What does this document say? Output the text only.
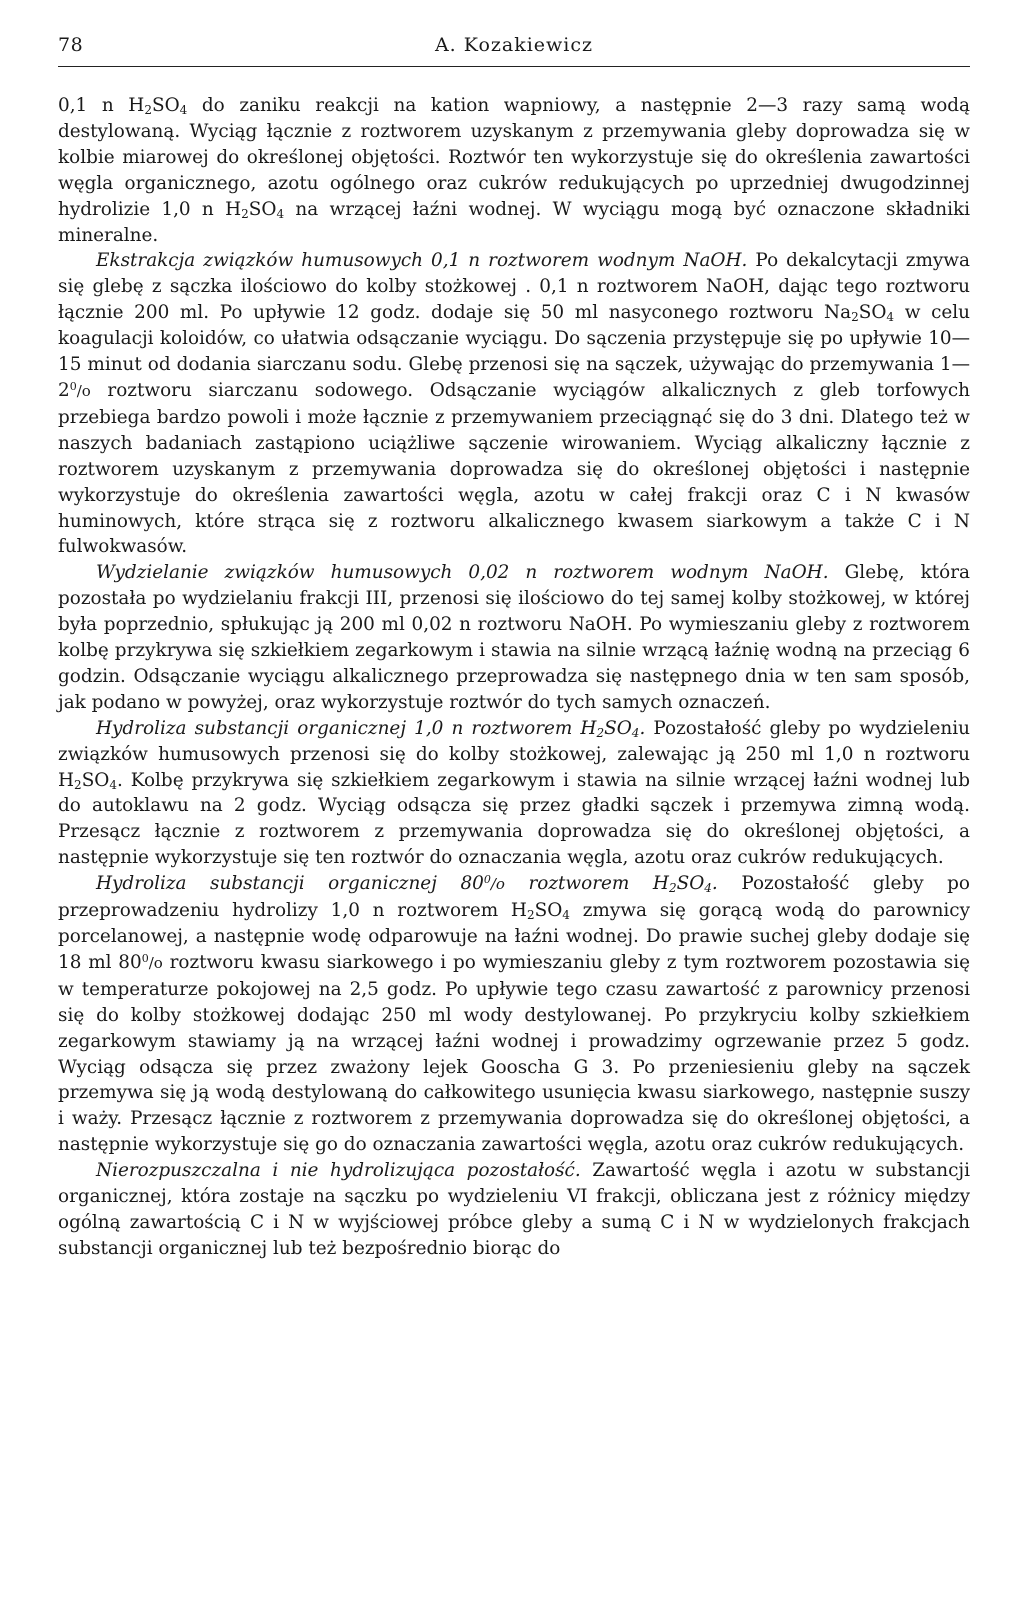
78	A. Kozakiewicz

0,1 n $H_2SO_4$ do zaniku reakcji na kation wapniowy, a następnie 2—3 razy samą wodą destylowaną. Wyciąg łącznie z roztworem uzyskanym z przemywania gleby doprowadza się w kolbie miarowej do określonej objętości. Roztwór ten wykorzystuje się do określenia zawartości węgla organicznego, azotu ogólnego oraz cukrów redukujących po uprzedniej dwugodzinnej hydrolizie 1,0 n $H_2SO_4$ na wrzącej łaźni wodnej. W wyciągu mogą być oznaczone składniki mineralne.

Ekstrakcja związków humusowych 0,1 n roztworem wodnym NaOH. Po dekalcytacji zmywa się glebę z sączka ilościowo do kolby stożkowej . 0,1 n roztworem NaOH, dając tego roztworu łącznie 200 ml. Po upływie 12 godz. dodaje się 50 ml nasyconego roztworu $Na_2SO_4$ w celu koagulacji koloidów, co ułatwia odsączanie wyciągu. Do sączenia przystępuje się po upływie 10—15 minut od dodania siarczanu sodu. Glebę przenosi się na sączek, używając do przemywania $1—2^0/o$ roztworu siarczanu sodowego. Odsączanie wyciągów alkalicznych z gleb torfowych przebiega bardzo powoli i może łącznie z przemywaniem przeciągnąć się do 3 dni. Dlatego też w naszych badaniach zastąpiono uciążliwe sączenie wirowaniem. Wyciąg alkaliczny łącznie z roztworem uzyskanym z przemywania doprowadza się do określonej objętości i następnie wykorzystuje do określenia zawartości węgla, azotu w całej frakcji oraz C i N kwasów huminowych, które strąca się z roztworu alkalicznego kwasem siarkowym a także C i N fulwokwasów.

Wydzielanie związków humusowych 0,02 n roztworem wodnym NaOH. Glebę, która pozostała po wydzielaniu frakcji III, przenosi się ilościowo do tej samej kolby stożkowej, w której była poprzednio, spłukując ją 200 ml 0,02 n roztworu NaOH. Po wymieszaniu gleby z roztworem kolbę przykrywa się szkiełkiem zegarkowym i stawia na silnie wrzącą łaźnię wodną na przeciąg 6 godzin. Odsączanie wyciągu alkalicznego przeprowadza się następnego dnia w ten sam sposób, jak podano w powyżej, oraz wykorzystuje roztwór do tych samych oznaczeń.

Hydroliza substancji organicznej 1,0 n roztworem $H_2SO_4$. Pozostałość gleby po wydzieleniu związków humusowych przenosi się do kolby stożkowej, zalewając ją 250 ml 1,0 n roztworu $H_2SO_4$. Kolbę przykrywa się szkiełkiem zegarkowym i stawia na silnie wrzącej łaźni wodnej lub do autoklawu na 2 godz. Wyciąg odsącza się przez gładki sączek i przemywa zimną wodą. Przesącz łącznie z roztworem z przemywania doprowadza się do określonej objętości, a następnie wykorzystuje się ten roztwór do oznaczania węgla, azotu oraz cukrów redukujących.

Hydroliza substancji organicznej $80^0/o$ roztworem $H_2SO_4$. Pozostałość gleby po przeprowadzeniu hydrolizy 1,0 n roztworem $H_2SO_4$ zmywa się gorącą wodą do parownicy porcelanowej, a następnie wodę odparowuje na łaźni wodnej. Do prawie suchej gleby dodaje się 18 ml $80^0/o$ roztworu kwasu siarkowego i po wymieszaniu gleby z tym roztworem pozostawia się w temperaturze pokojowej na 2,5 godz. Po upływie tego czasu zawartość z parownicy przenosi się do kolby stożkowej dodając 250 ml wody destylowanej. Po przykryciu kolby szkiełkiem zegarkowym stawiamy ją na wrzącej łaźni wodnej i prowadzimy ogrzewanie przez 5 godz. Wyciąg odsącza się przez zważony lejek Gooscha G 3. Po przeniesieniu gleby na sączek przemywa się ją wodą destylowaną do całkowitego usunięcia kwasu siarkowego, następnie suszy i waży. Przesącz łącznie z roztworem z przemywania doprowadza się do określonej objętości, a następnie wykorzystuje się go do oznaczania zawartości węgla, azotu oraz cukrów redukujących.

Nierozpuszczalna i nie hydrolizująca pozostałość. Zawartość węgla i azotu w substancji organicznej, która zostaje na sączku po wydzieleniu VI frakcji, obliczana jest z różnicy między ogólną zawartością C i N w wyjściowej próbce gleby a sumą C i N w wydzielonych frakcjach substancji organicznej lub też bezpośrednio biorąc do
